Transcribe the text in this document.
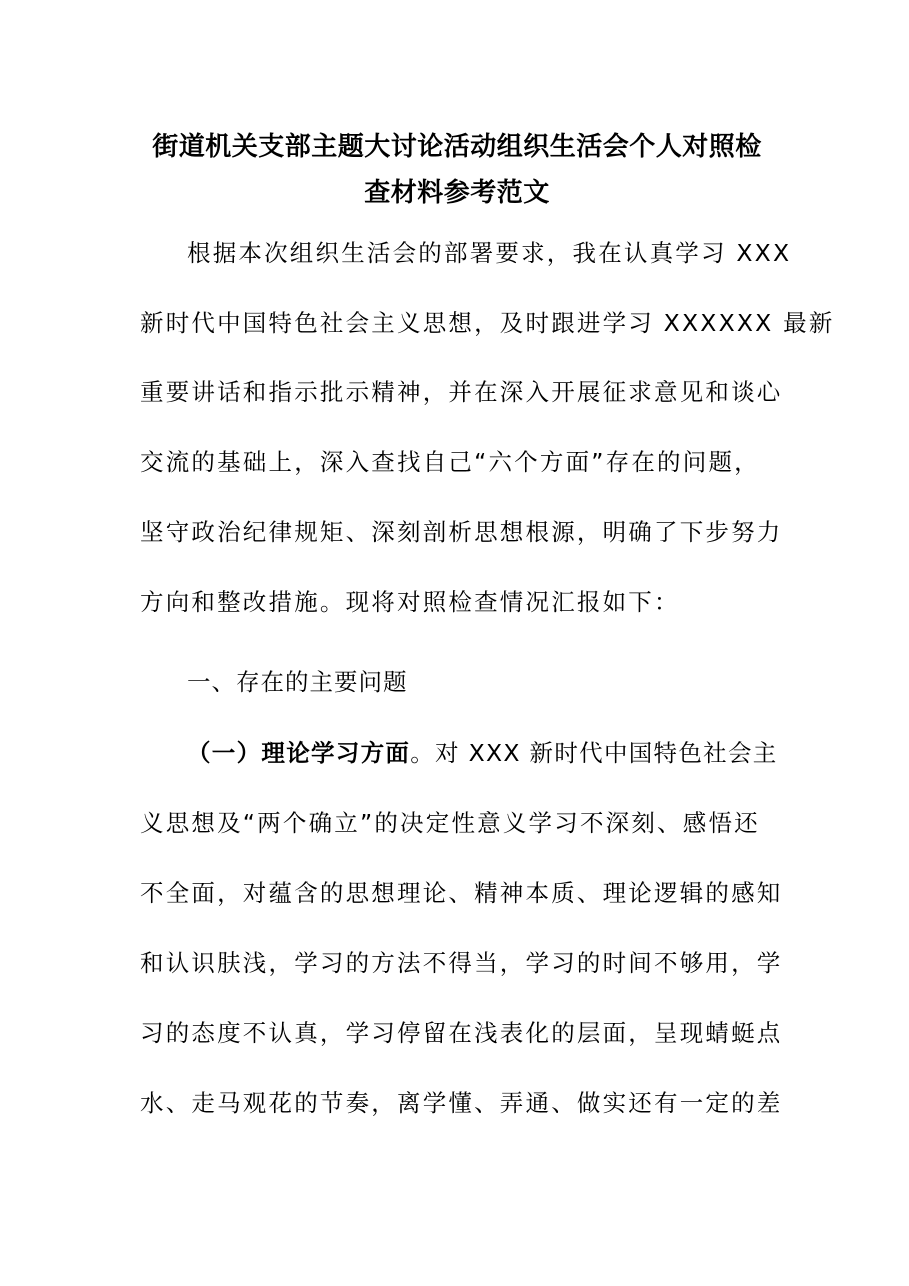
街道机关支部主题大讨论活动组织生活会个人对照检
查材料参考范文
根据本次组织生活会的部署要求，我在认真学习 XXX
新时代中国特色社会主义思想，及时跟进学习 XXXXXX 最新
重要讲话和指示批示精神，并在深入开展征求意见和谈心
交流的基础上，深入查找自己“六个方面”存在的问题，
坚守政治纪律规矩、深刻剖析思想根源，明确了下步努力
方向和整改措施。现将对照检查情况汇报如下：
一、存在的主要问题
（一）理论学习方面。对 XXX 新时代中国特色社会主
义思想及“两个确立”的决定性意义学习不深刻、感悟还
不全面，对蕴含的思想理论、精神本质、理论逻辑的感知
和认识肤浅，学习的方法不得当，学习的时间不够用，学
习的态度不认真，学习停留在浅表化的层面，呈现蜻蜓点
水、走马观花的节奏，离学懂、弄通、做实还有一定的差
